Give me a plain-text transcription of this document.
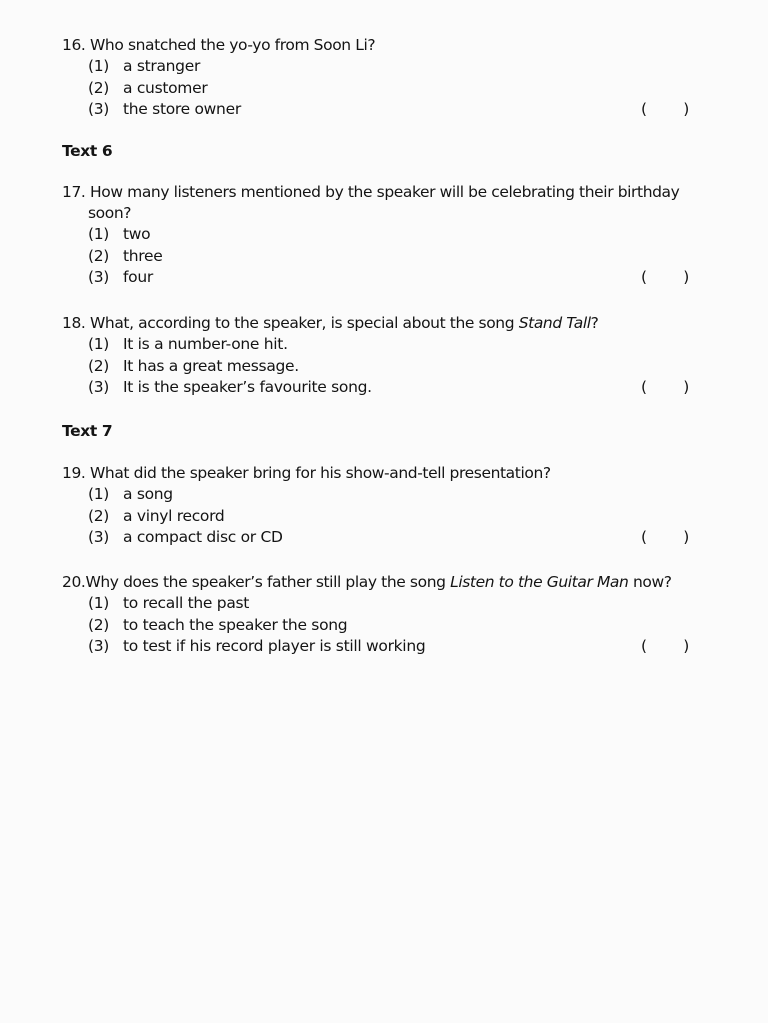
16. Who snatched the yo-yo from Soon Li?
(1) a stranger
(2) a customer
(3) the store owner	( )
Text 6
17. How many listeners mentioned by the speaker will be celebrating their birthday
soon?
(1) two
(2) three
(3) four	( )
18. What, according to the speaker, is special about the song Stand Tall?
(1) It is a number-one hit.
(2) It has a great message.
(3) It is the speaker’s favourite song.	( )
Text 7
19. What did the speaker bring for his show-and-tell presentation?
(1) a song
(2) a vinyl record
(3) a compact disc or CD	( )
20.Why does the speaker’s father still play the song Listen to the Guitar Man now?
(1) to recall the past
(2) to teach the speaker the song
(3) to test if his record player is still working	( )
